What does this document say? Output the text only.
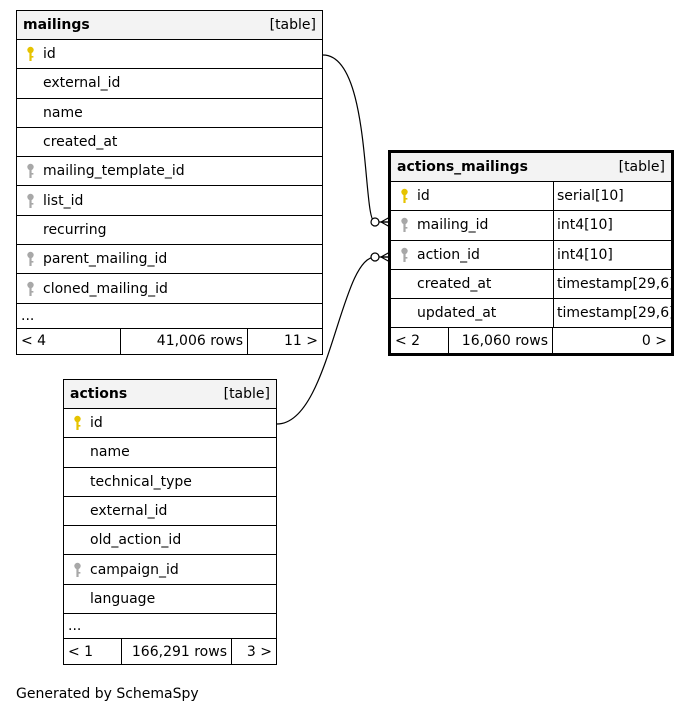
mailings	[table]
id
external_id
name
created_at
mailing_template_id
list_id
recurring
parent_mailing_id
cloned_mailing_id
...
< 4	41,006 rows	11 >
actions_mailings	[table]
id	serial[10]
mailing_id	int4[10]
action_id	int4[10]
created_at	timestamp[29,6]
updated_at	timestamp[29,6]
< 2	16,060 rows	0 >
actions	[table]
id
name
technical_type
external_id
old_action_id
campaign_id
language
...
< 1	166,291 rows	3 >
Generated by SchemaSpy
